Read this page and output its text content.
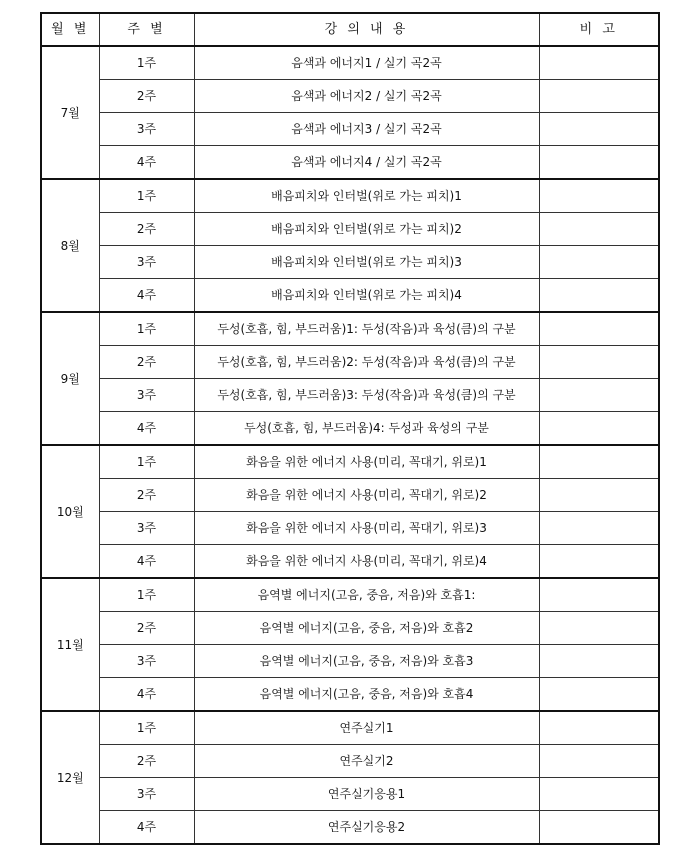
월 별	주 별	강 의 내 용	비 고
7월	1주	음색과 에너지1 / 실기 곡2곡	
	2주	음색과 에너지2 / 실기 곡2곡	
	3주	음색과 에너지3 / 실기 곡2곡	
	4주	음색과 에너지4 / 실기 곡2곡	
8월	1주	배음피치와 인터벌(위로 가는 피치)1	
	2주	배음피치와 인터벌(위로 가는 피치)2	
	3주	배음피치와 인터벌(위로 가는 피치)3	
	4주	배음피치와 인터벌(위로 가는 피치)4	
9월	1주	두성(호흡, 힘, 부드러움)1: 두성(작음)과 육성(큼)의 구분	
	2주	두성(호흡, 힘, 부드러움)2: 두성(작음)과 육성(큼)의 구분	
	3주	두성(호흡, 힘, 부드러움)3: 두성(작음)과 육성(큼)의 구분	
	4주	두성(호흡, 힘, 부드러움)4: 두성과 육성의 구분	
10월	1주	화음을 위한 에너지 사용(미리, 꼭대기, 위로)1	
	2주	화음을 위한 에너지 사용(미리, 꼭대기, 위로)2	
	3주	화음을 위한 에너지 사용(미리, 꼭대기, 위로)3	
	4주	화음을 위한 에너지 사용(미리, 꼭대기, 위로)4	
11월	1주	음역별 에너지(고음, 중음, 저음)와 호흡1:	
	2주	음역별 에너지(고음, 중음, 저음)와 호흡2	
	3주	음역별 에너지(고음, 중음, 저음)와 호흡3	
	4주	음역별 에너지(고음, 중음, 저음)와 호흡4	
12월	1주	연주실기1	
	2주	연주실기2	
	3주	연주실기응용1	
	4주	연주실기응용2	
